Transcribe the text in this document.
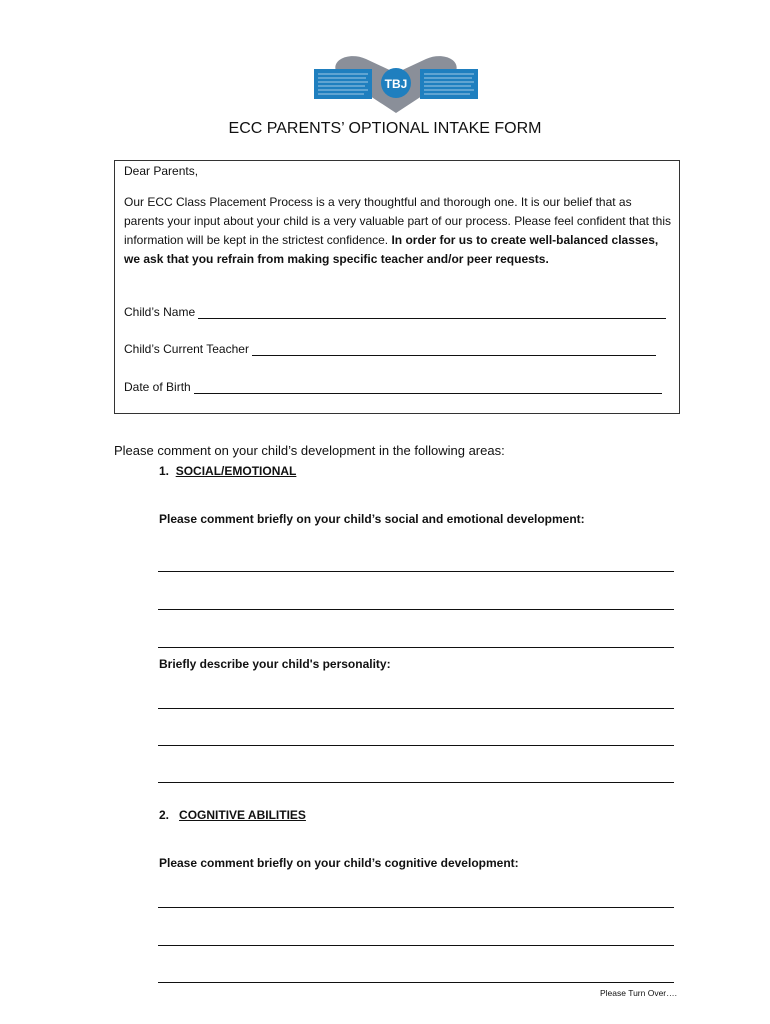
TBJ
ECC PARENTS’ OPTIONAL INTAKE FORM
Dear Parents,
Our ECC Class Placement Process is a very thoughtful and thorough one. It is our belief that as parents your input about your child is a very valuable part of our process. Please feel confident that this information will be kept in the strictest confidence. In order for us to create well-balanced classes, we ask that you refrain from making specific teacher and/or peer requests.
Child’s Name
Child’s Current Teacher
Date of Birth
Please comment on your child’s development in the following areas:
1. SOCIAL/EMOTIONAL
Please comment briefly on your child’s social and emotional development:
Briefly describe your child's personality:
2. COGNITIVE ABILITIES
Please comment briefly on your child’s cognitive development:
Please Turn Over….
